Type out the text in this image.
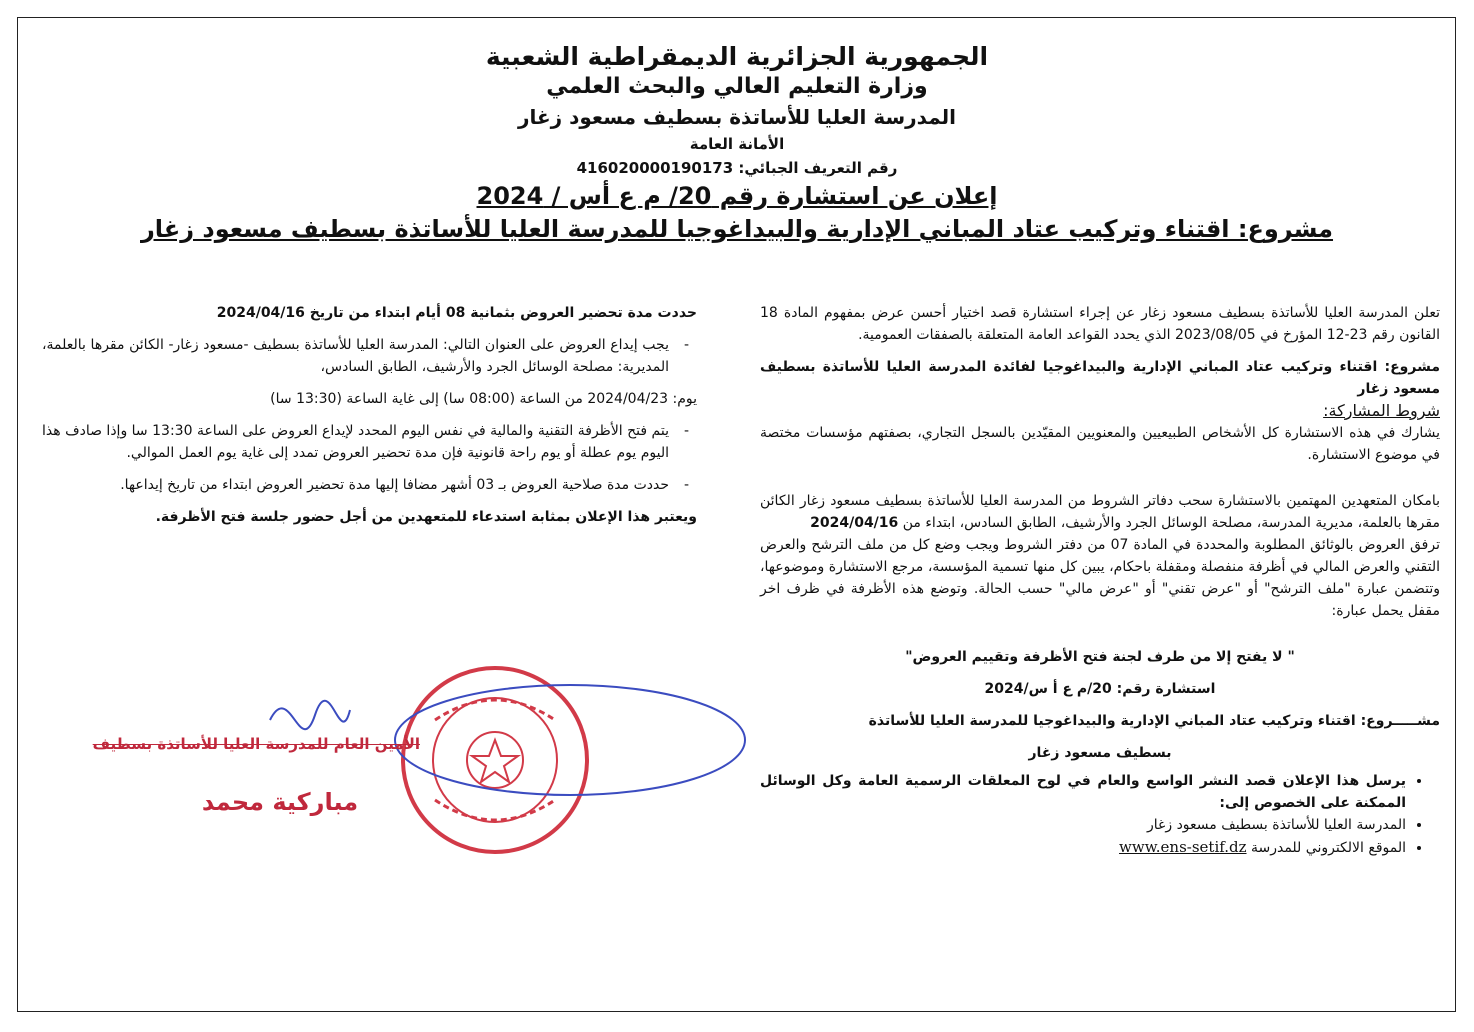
الجمهورية الجزائرية الديمقراطية الشعبية
وزارة التعليم العالي والبحث العلمي
المدرسة العليا للأساتذة بسطيف مسعود زغار
الأمانة العامة
رقم التعريف الجبائي: 416020000190173
إعلان عن استشارة رقم 20/ م ع أس / 2024
مشروع: اقتناء وتركيب عتاد المباني الإدارية والبيداغوجيا للمدرسة العليا للأساتذة بسطيف مسعود زغار

تعلن المدرسة العليا للأساتذة بسطيف مسعود زغار عن إجراء استشارة قصد اختيار أحسن عرض بمفهوم المادة 18 القانون رقم 23-12 المؤرخ في 2023/08/05 الذي يحدد القواعد العامة المتعلقة بالصفقات العمومية.

مشروع: اقتناء وتركيب عتاد المباني الإدارية والبيداغوجيا لفائدة المدرسة العليا للأساتذة بسطيف مسعود زغار

شروط المشاركة:

يشارك في هذه الاستشارة كل الأشخاص الطبيعيين والمعنويين المقيّدين بالسجل التجاري، بصفتهم مؤسسات مختصة في موضوع الاستشارة.

بامكان المتعهدين المهتمين بالاستشارة سحب دفاتر الشروط من المدرسة العليا للأساتذة بسطيف مسعود زغار الكائن مقرها بالعلمة، مديرية المدرسة، مصلحة الوسائل الجرد والأرشيف، الطابق السادس، ابتداء من 2024/04/16

ترفق العروض بالوثائق المطلوبة والمحددة في المادة 07 من دفتر الشروط ويجب وضع كل من ملف الترشح والعرض التقني والعرض المالي في أظرفة منفصلة ومقفلة باحكام، يبين كل منها تسمية المؤسسة، مرجع الاستشارة وموضوعها، وتتضمن عبارة "ملف الترشح" أو "عرض تقني" أو "عرض مالي" حسب الحالة. وتوضع هذه الأظرفة في ظرف اخر مقفل يحمل عبارة:

" لا يفتح إلا من طرف لجنة فتح الأظرفة وتقييم العروض"

استشارة رقم: 20/م ع أ س/2024

مشـــــروع: اقتناء وتركيب عتاد المباني الإدارية والبيداغوجيا للمدرسة العليا للأساتذة

بسطيف مسعود زغار

• يرسل هذا الإعلان قصد النشر الواسع والعام في لوح المعلقات الرسمية العامة وكل الوسائل الممكنة على الخصوص إلى:
• المدرسة العليا للأساتذة بسطيف مسعود زغار
• الموقع الالكتروني للمدرسة www.ens-setif.dz

حددت مدة تحضير العروض بثمانية 08 أيام ابتداء من تاريخ 2024/04/16

- يجب إيداع العروض على العنوان التالي: المدرسة العليا للأساتذة بسطيف -مسعود زغار- الكائن مقرها بالعلمة، المديرية: مصلحة الوسائل الجرد والأرشيف، الطابق السادس،

يوم: 2024/04/23 من الساعة (08:00 سا) إلى غاية الساعة (13:30 سا)

- يتم فتح الأظرفة التقنية والمالية في نفس اليوم المحدد لإيداع العروض على الساعة 13:30 سا وإذا صادف هذا اليوم يوم عطلة أو يوم راحة قانونية فإن مدة تحضير العروض تمدد إلى غاية يوم العمل الموالي.

- حددت مدة صلاحية العروض بـ 03 أشهر مضافا إليها مدة تحضير العروض ابتداء من تاريخ إيداعها.

ويعتبر هذا الإعلان بمثابة استدعاء للمتعهدين من أجل حضور جلسة فتح الأظرفة.

الأمين العام للمدرسة العليا للأساتذة بسطيف
مباركية محمد
